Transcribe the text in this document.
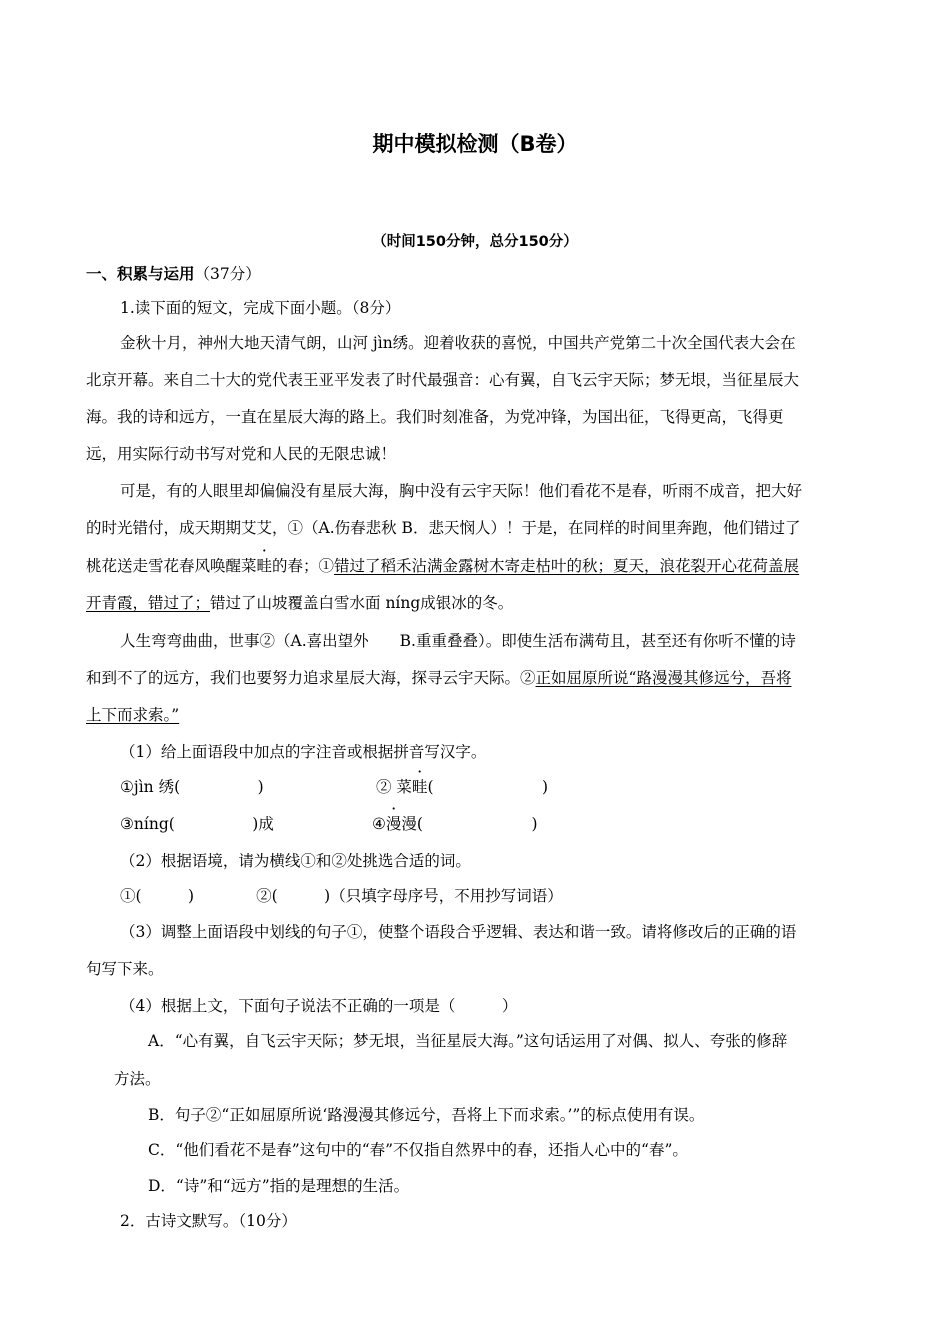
期中模拟检测（B卷）
（时间150分钟，总分150分）
一、积累与运用（37分）
1.读下面的短文，完成下面小题。（8分）
金秋十月，神州大地天清气朗，山河 jìn绣。迎着收获的喜悦，中国共产党第二十次全国代表大会在
北京开幕。来自二十大的党代表王亚平发表了时代最强音：心有翼，自飞云宇天际；梦无垠，当征星辰大
海。我的诗和远方，一直在星辰大海的路上。我们时刻准备，为党冲锋，为国出征，飞得更高，飞得更
远，用实际行动书写对党和人民的无限忠诚！
可是，有的人眼里却偏偏没有星辰大海，胸中没有云宇天际！他们看花不是春，听雨不成音，把大好
的时光错付，成天期期艾艾，①（A.伤春悲秋 B．悲天悯人）！于是，在同样的时间里奔跑，他们错过了
桃花送走雪花春风唤醒菜畦的春；①错过了稻禾沾满金露树木寄走枯叶的秋；夏天，浪花裂开心花荷盖展
开青霞，错过了；错过了山坡覆盖白雪水面 níng成银冰的冬。
人生弯弯曲曲，世事②（A.喜出望外　　B.重重叠叠）。即使生活布满苟且，甚至还有你听不懂的诗
和到不了的远方，我们也要努力追求星辰大海，探寻云宇天际。②正如屈原所说“路漫漫其修远兮，吾将
上下而求索。”
（1）给上面语段中加点的字注音或根据拼音写汉字。
①jìn 绣(　　　　　)	② 菜畦(　　　　　　　)
③níng(　　　　　)成	④漫漫(　　　　　　　)
（2）根据语境，请为横线①和②处挑选合适的词。
①(　　　)　　　　②(　　　)（只填字母序号，不用抄写词语）
（3）调整上面语段中划线的句子①，使整个语段合乎逻辑、表达和谐一致。请将修改后的正确的语
句写下来。
（4）根据上文，下面句子说法不正确的一项是（　　　）
A．“心有翼，自飞云宇天际；梦无垠，当征星辰大海。”这句话运用了对偶、拟人、夸张的修辞
方法。
B．句子②“正如屈原所说‘路漫漫其修远兮，吾将上下而求索。’”的标点使用有误。
C．“他们看花不是春”这句中的“春”不仅指自然界中的春，还指人心中的“春”。
D．“诗”和“远方”指的是理想的生活。
2．古诗文默写。（10分）
